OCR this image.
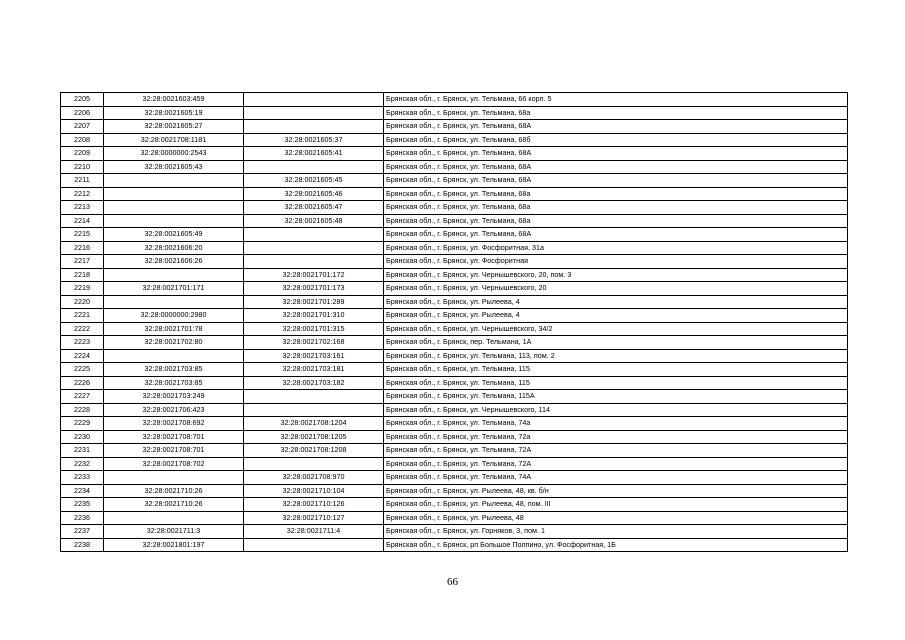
2205	32:28:0021603:459		Брянская обл., г. Брянск, ул. Тельмана, 66 корп. 5
2206	32:28:0021605:19		Брянская обл., г. Брянск, ул. Тельмана, 68а
2207	32:28:0021605:27		Брянская обл., г. Брянск, ул. Тельмана, 68А
2208	32:28:0021708:1181	32:28:0021605:37	Брянская обл., г. Брянск, ул. Тельмана, 68б
2209	32:28:0000000:2543	32:28:0021605:41	Брянская обл., г. Брянск, ул. Тельмана, 68А
2210	32:28:0021605:43		Брянская обл., г. Брянск, ул. Тельмана, 68А
2211		32:28:0021605:45	Брянская обл., г. Брянск, ул. Тельмана, 68А
2212		32:28:0021605:46	Брянская обл., г. Брянск, ул. Тельмана, 68а
2213		32:28:0021605:47	Брянская обл., г. Брянск, ул. Тельмана, 68а
2214		32:28:0021605:48	Брянская обл., г. Брянск, ул. Тельмана, 68а
2215	32:28:0021605:49		Брянская обл., г. Брянск, ул. Тельмана, 68А
2216	32:28:0021606:20		Брянская обл., г. Брянск, ул. Фосфоритная, 31а
2217	32:28:0021606:26		Брянская обл., г. Брянск, ул. Фосфоритная
2218		32:28:0021701:172	Брянская обл., г. Брянск, ул. Чернышевского, 20, пом. 3
2219	32:28:0021701:171	32:28:0021701:173	Брянская обл., г. Брянск, ул. Чернышевского, 20
2220		32:28:0021701:289	Брянская обл., г. Брянск, ул. Рылеева, 4
2221	32:28:0000000:2980	32:28:0021701:310	Брянская обл., г. Брянск, ул. Рылеева, 4
2222	32:28:0021701:78	32:28:0021701:315	Брянская обл., г. Брянск, ул. Чернышевского, 34/2
2223	32:28:0021702:80	32:28:0021702:168	Брянская обл., г. Брянск, пер. Тельмана, 1А
2224		32:28:0021703:161	Брянская обл., г. Брянск, ул. Тельмана, 113, пом. 2
2225	32:28:0021703:85	32:28:0021703:181	Брянская обл., г. Брянск, ул. Тельмана, 115
2226	32:28:0021703:85	32:28:0021703:182	Брянская обл., г. Брянск, ул. Тельмана, 115
2227	32:28:0021703:249		Брянская обл., г. Брянск, ул. Тельмана, 115А
2228	32:28:0021706:423		Брянская обл., г. Брянск, ул. Чернышевского, 114
2229	32:28:0021708:692	32:28:0021708:1204	Брянская обл., г. Брянск, ул. Тельмана, 74а
2230	32:28:0021708:701	32:28:0021708:1205	Брянская обл., г. Брянск, ул. Тельмана, 72а
2231	32:28:0021708:701	32:28:0021708:1208	Брянская обл., г. Брянск, ул. Тельмана, 72А
2232	32:28:0021708:702		Брянская обл., г. Брянск, ул. Тельмана, 72А
2233		32:28:0021708:970	Брянская обл., г. Брянск, ул. Тельмана, 74А
2234	32:28:0021710:26	32:28:0021710:104	Брянская обл., г. Брянск, ул. Рылеева, 48, кв. б/н
2235	32:28:0021710:26	32:28:0021710:126	Брянская обл., г. Брянск, ул. Рылеева, 48, пом. III
2236		32:28:0021710:127	Брянская обл., г. Брянск, ул. Рылеева, 48
2237	32:28:0021711:3	32:28:0021711:4	Брянская обл., г. Брянск, ул. Горняков, 3, пом. 1
2238	32:28:0021801:197		Брянская обл., г. Брянск, рп Большое Полпино, ул. Фосфоритная, 1Б
66
